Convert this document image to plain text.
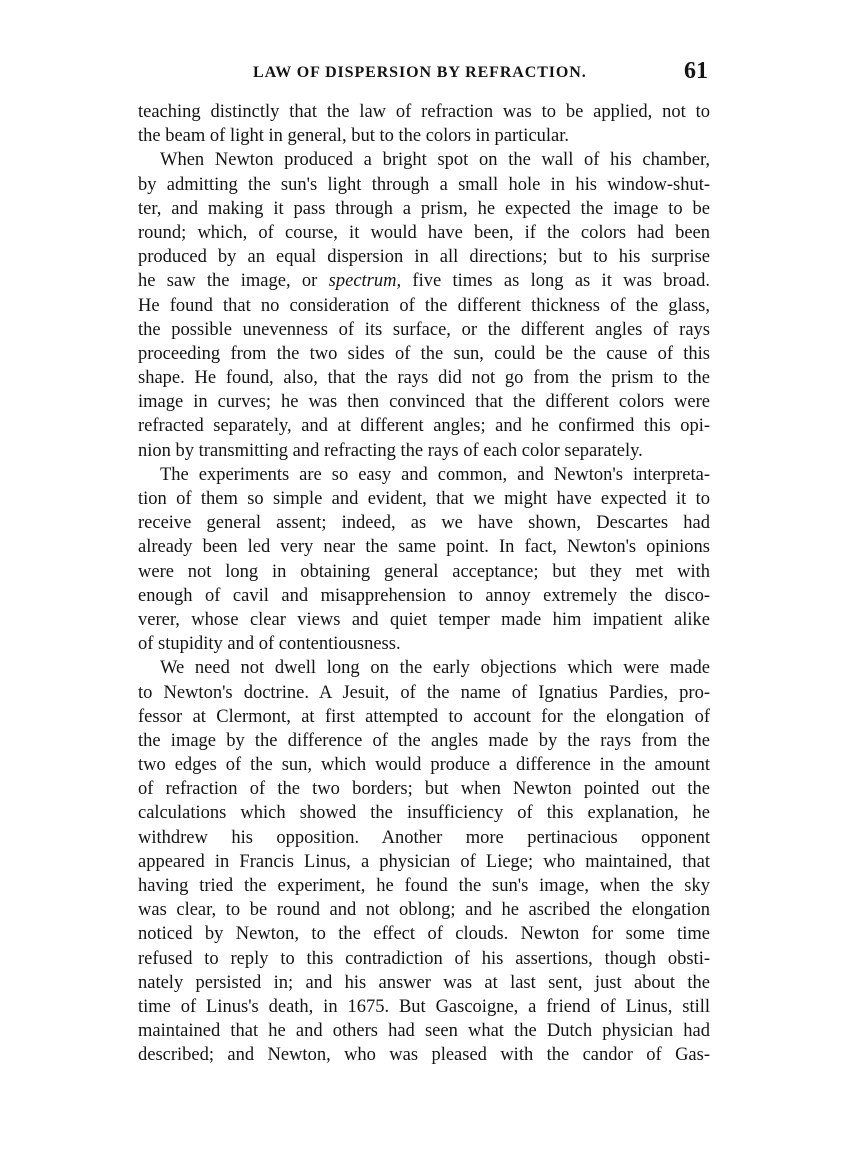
LAW OF DISPERSION BY REFRACTION.	61
teaching distinctly that the law of refraction was to be applied, not to
the beam of light in general, but to the colors in particular.
When Newton produced a bright spot on the wall of his chamber,
by admitting the sun's light through a small hole in his window-shut-
ter, and making it pass through a prism, he expected the image to be
round; which, of course, it would have been, if the colors had been
produced by an equal dispersion in all directions; but to his surprise
he saw the image, or spectrum, five times as long as it was broad.
He found that no consideration of the different thickness of the glass,
the possible unevenness of its surface, or the different angles of rays
proceeding from the two sides of the sun, could be the cause of this
shape. He found, also, that the rays did not go from the prism to the
image in curves; he was then convinced that the different colors were
refracted separately, and at different angles; and he confirmed this opi-
nion by transmitting and refracting the rays of each color separately.
The experiments are so easy and common, and Newton's interpreta-
tion of them so simple and evident, that we might have expected it to
receive general assent; indeed, as we have shown, Descartes had
already been led very near the same point. In fact, Newton's opinions
were not long in obtaining general acceptance; but they met with
enough of cavil and misapprehension to annoy extremely the disco-
verer, whose clear views and quiet temper made him impatient alike
of stupidity and of contentiousness.
We need not dwell long on the early objections which were made
to Newton's doctrine. A Jesuit, of the name of Ignatius Pardies, pro-
fessor at Clermont, at first attempted to account for the elongation of
the image by the difference of the angles made by the rays from the
two edges of the sun, which would produce a difference in the amount
of refraction of the two borders; but when Newton pointed out the
calculations which showed the insufficiency of this explanation, he
withdrew his opposition. Another more pertinacious opponent
appeared in Francis Linus, a physician of Liege; who maintained, that
having tried the experiment, he found the sun's image, when the sky
was clear, to be round and not oblong; and he ascribed the elongation
noticed by Newton, to the effect of clouds. Newton for some time
refused to reply to this contradiction of his assertions, though obsti-
nately persisted in; and his answer was at last sent, just about the
time of Linus's death, in 1675. But Gascoigne, a friend of Linus, still
maintained that he and others had seen what the Dutch physician had
described; and Newton, who was pleased with the candor of Gas-
